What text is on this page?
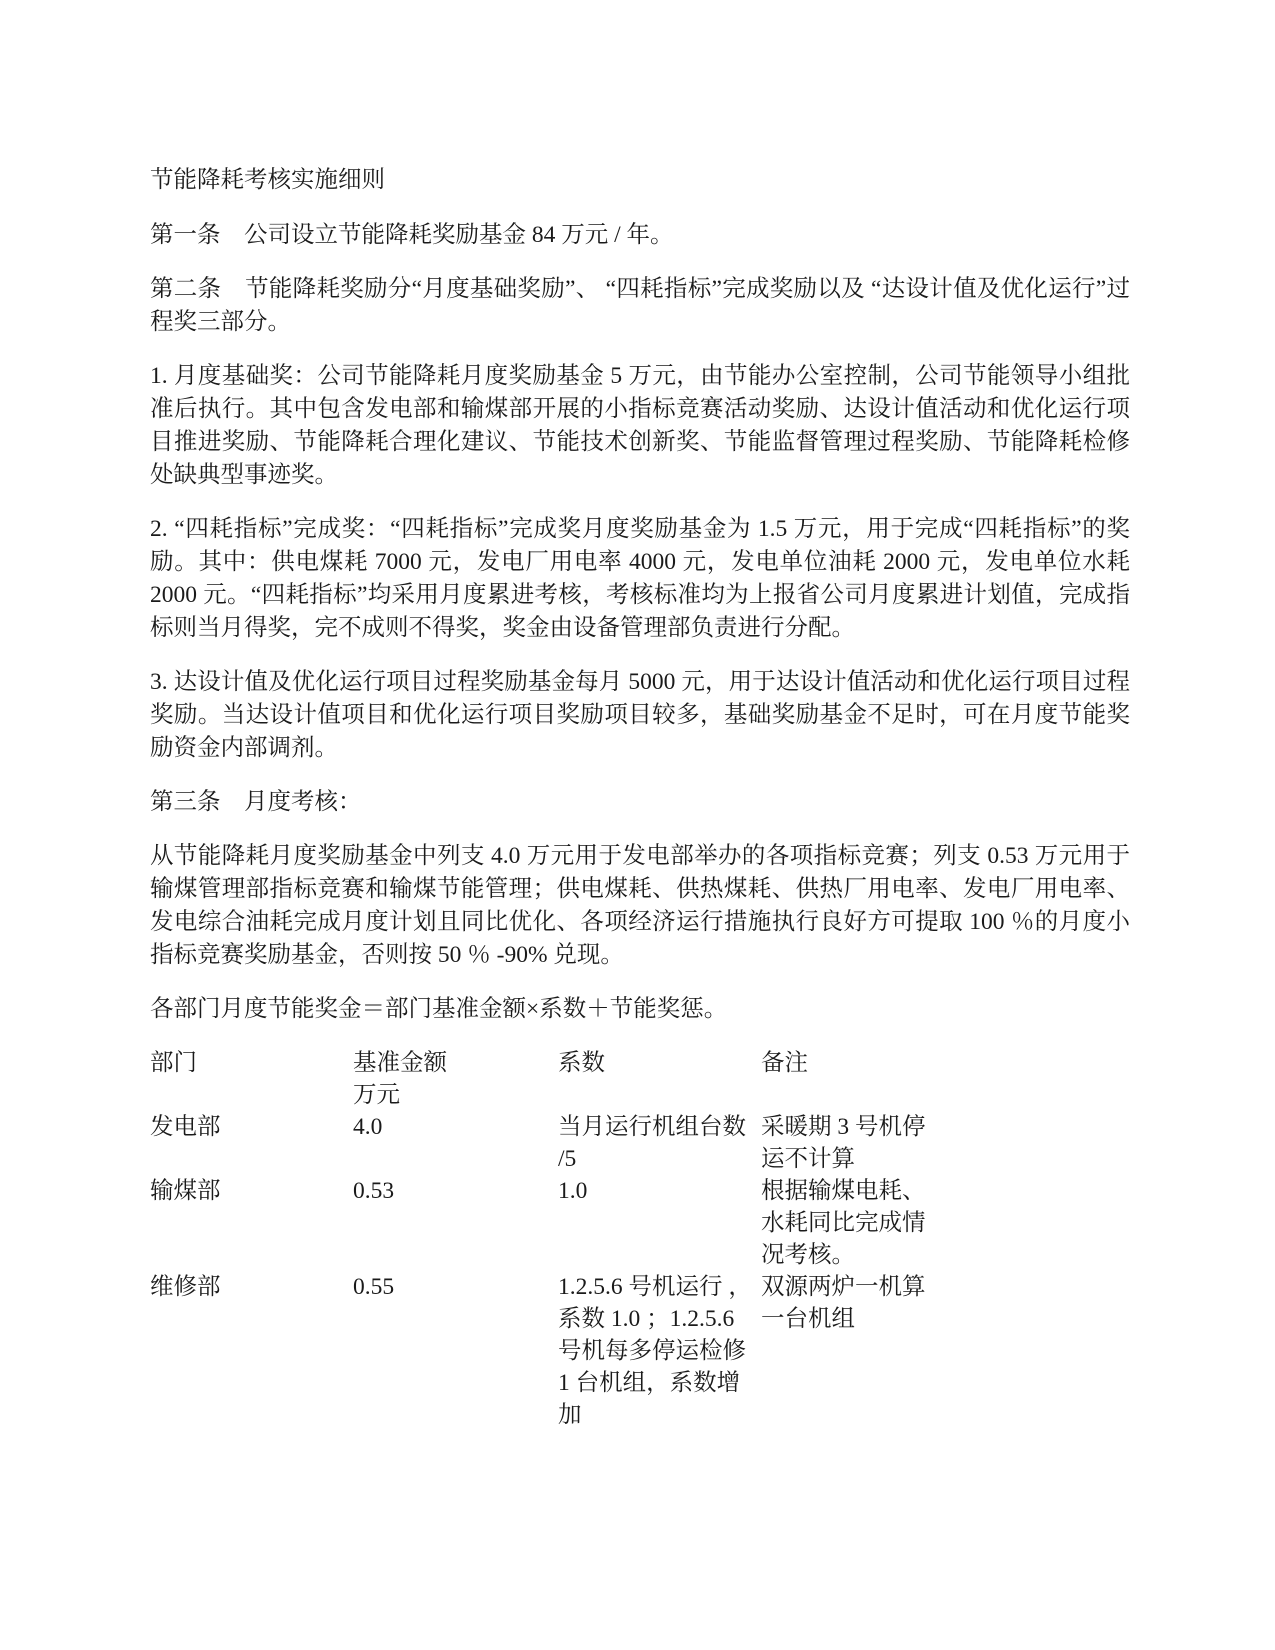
节能降耗考核实施细则

第一条　公司设立节能降耗奖励基金 84 万元 / 年。

第二条　节能降耗奖励分“月度基础奖励”、 “四耗指标”完成奖励以及 “达设计值及优化运行”过程奖三部分。

1. 月度基础奖：公司节能降耗月度奖励基金 5 万元，由节能办公室控制，公司节能领导小组批准后执行。其中包含发电部和输煤部开展的小指标竞赛活动奖励、达设计值活动和优化运行项目推进奖励、节能降耗合理化建议、节能技术创新奖、节能监督管理过程奖励、节能降耗检修处缺典型事迹奖。

2. “四耗指标”完成奖：“四耗指标”完成奖月度奖励基金为 1.5 万元，用于完成“四耗指标”的奖励。其中：供电煤耗 7000 元，发电厂用电率 4000 元，发电单位油耗 2000 元，发电单位水耗 2000 元。“四耗指标”均采用月度累进考核，考核标准均为上报省公司月度累进计划值，完成指标则当月得奖，完不成则不得奖，奖金由设备管理部负责进行分配。

3. 达设计值及优化运行项目过程奖励基金每月 5000 元，用于达设计值活动和优化运行项目过程奖励。当达设计值项目和优化运行项目奖励项目较多，基础奖励基金不足时，可在月度节能奖励资金内部调剂。

第三条　月度考核：

从节能降耗月度奖励基金中列支 4.0 万元用于发电部举办的各项指标竞赛；列支 0.53 万元用于输煤管理部指标竞赛和输煤节能管理；供电煤耗、供热煤耗、供热厂用电率、发电厂用电率、发电综合油耗完成月度计划且同比优化、各项经济运行措施执行良好方可提取 100 ％的月度小指标竞赛奖励基金，否则按 50 ％ -90% 兑现。

各部门月度节能奖金＝部门基准金额×系数＋节能奖惩。

部门	基准金额	系数	备注
	万元		
发电部	4.0	当月运行机组台数 /5	采暖期 3 号机停运不计算
输煤部	0.53	1.0	根据输煤电耗、水耗同比完成情况考核。
维修部	0.55	1.2.5.6 号机运行 ，系数 1.0 ；1.2.5.6 号机每多停运检修 1 台机组，系数增加	双源两炉一机算一台机组
